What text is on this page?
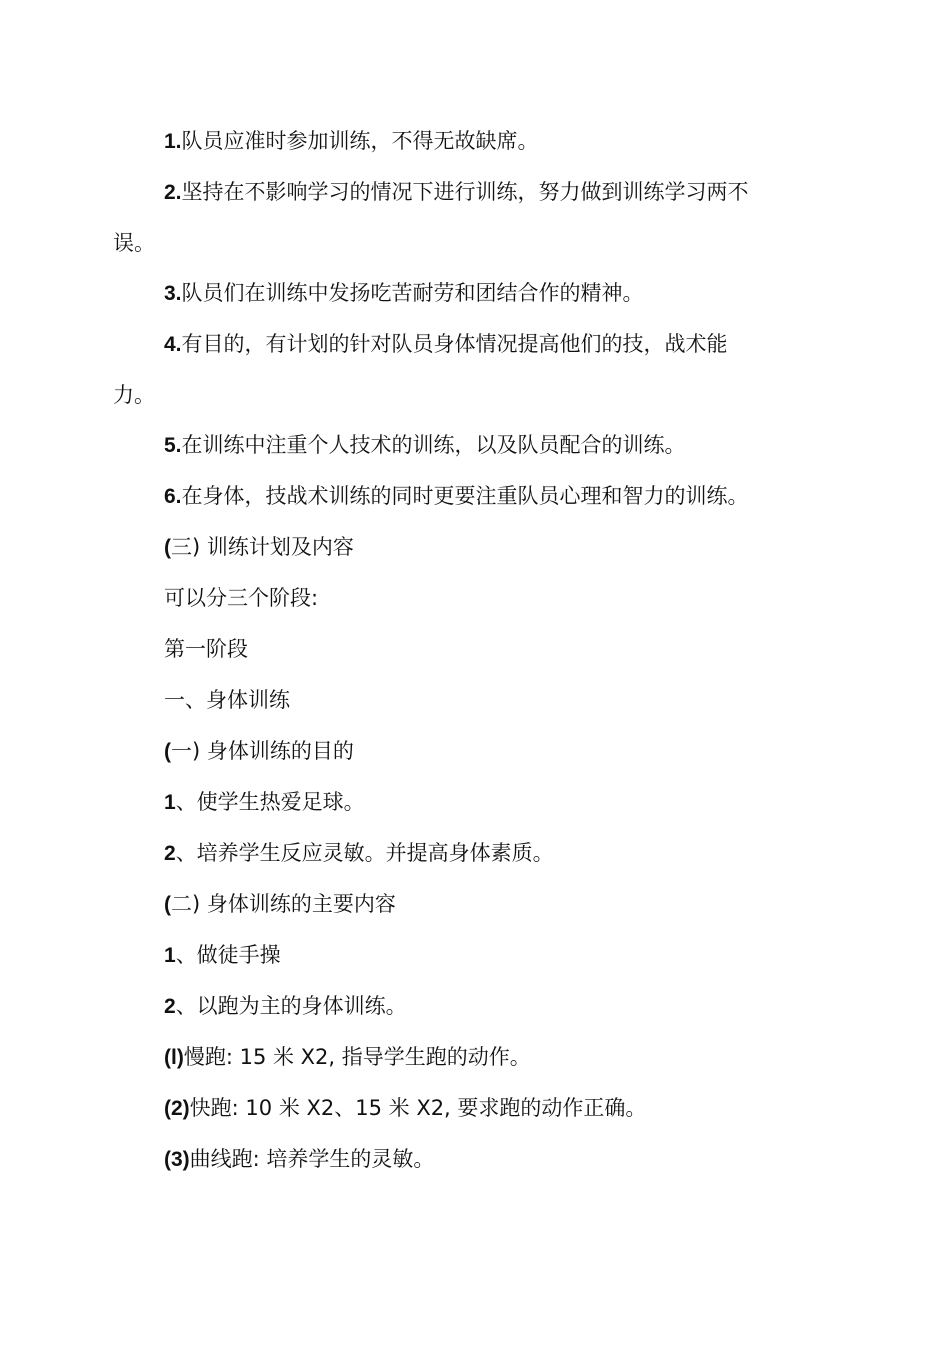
1.队员应准时参加训练，不得无故缺席。

2.坚持在不影响学习的情况下进行训练，努力做到训练学习两不误。

3.队员们在训练中发扬吃苦耐劳和团结合作的精神。

4.有目的，有计划的针对队员身体情况提高他们的技，战术能力。

5.在训练中注重个人技术的训练，以及队员配合的训练。

6.在身体，技战术训练的同时更要注重队员心理和智力的训练。

(三) 训练计划及内容

可以分三个阶段:

第一阶段

一、身体训练

(一) 身体训练的目的

1、使学生热爱足球。

2、培养学生反应灵敏。并提高身体素质。

(二) 身体训练的主要内容

1、做徒手操

2、以跑为主的身体训练。

(l)慢跑: 15 米 X2, 指导学生跑的动作。

(2)快跑: 10 米 X2、15 米 X2, 要求跑的动作正确。

(3)曲线跑: 培养学生的灵敏。
